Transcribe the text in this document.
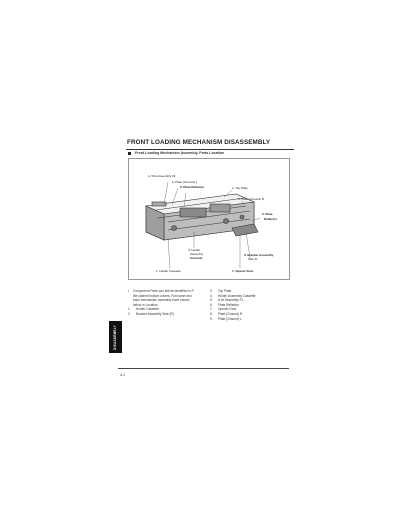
FRONT LOADING MECHANISM DISASSEMBLY
Front Loading Mechanism Assembly, Parts Location
a. Wire Assembly Fil.
b. Plate (Ground) L
6. Plate Reflector	2. Top Plate
8. Plate (Ground) R
5. Plate
Reflector
4. Holder
Assembly
Cassette
3. Bracket Assembly
Side R
1. Holder Cassette	7. Opener Door
•	Component Parts can still be identified in P
the cabinet bottom covers. Full name and
each mechanism assembly have shown
below in Location.
1.	Holder Cassette
2.	Bracket Assembly Side (R)
3.	Top Plate
4.	Holder Assembly Cassette
5.	A ch Assembly F.L.
6.	Plate Reflector
7.	Opener Door
8.	Plate (Ground) R
9.	Plate (Ground) L
DISASSEMBLY
4-1
